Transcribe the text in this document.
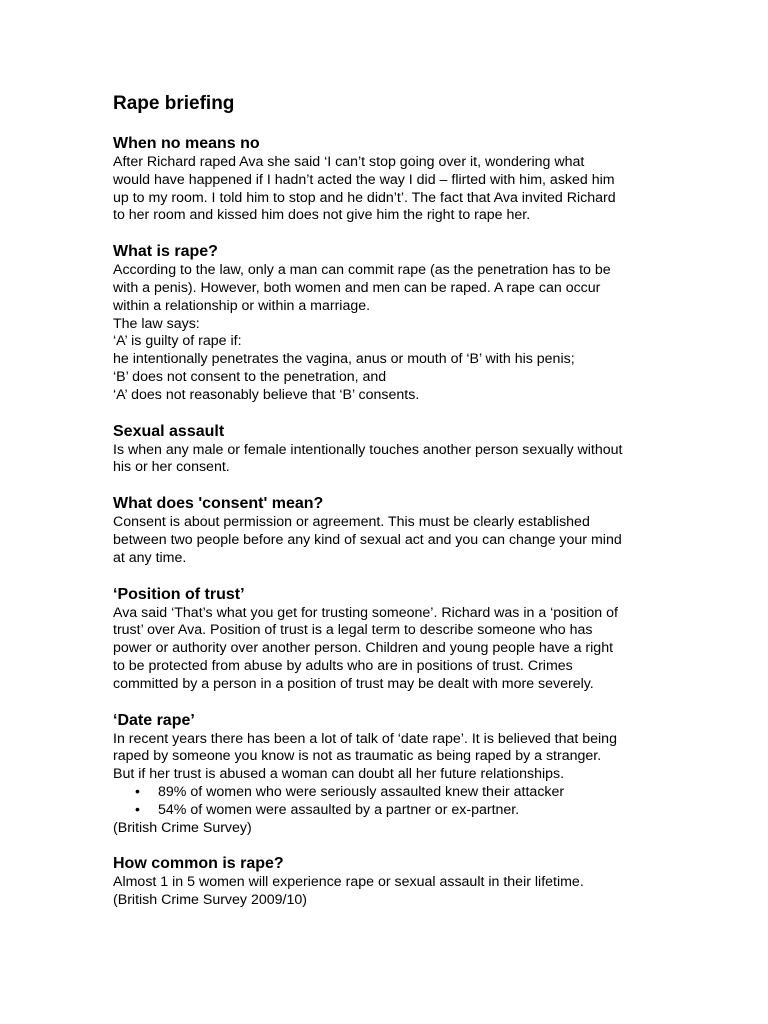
Rape briefing
When no means no
After Richard raped Ava she said ‘I can’t stop going over it, wondering what
would have happened if I hadn’t acted the way I did – flirted with him, asked him
up to my room. I told him to stop and he didn’t’. The fact that Ava invited Richard
to her room and kissed him does not give him the right to rape her.
What is rape?
According to the law, only a man can commit rape (as the penetration has to be
with a penis). However, both women and men can be raped. A rape can occur
within a relationship or within a marriage.
The law says:
‘A’ is guilty of rape if:
he intentionally penetrates the vagina, anus or mouth of ‘B’ with his penis;
‘B’ does not consent to the penetration, and
‘A’ does not reasonably believe that ‘B’ consents.
Sexual assault
Is when any male or female intentionally touches another person sexually without
his or her consent.
What does 'consent' mean?
Consent is about permission or agreement. This must be clearly established
between two people before any kind of sexual act and you can change your mind
at any time.
‘Position of trust’
Ava said ‘That’s what you get for trusting someone’. Richard was in a ‘position of
trust’ over Ava. Position of trust is a legal term to describe someone who has
power or authority over another person. Children and young people have a right
to be protected from abuse by adults who are in positions of trust. Crimes
committed by a person in a position of trust may be dealt with more severely.
‘Date rape’
In recent years there has been a lot of talk of ‘date rape’. It is believed that being
raped by someone you know is not as traumatic as being raped by a stranger.
But if her trust is abused a woman can doubt all her future relationships.
• 89% of women who were seriously assaulted knew their attacker
• 54% of women were assaulted by a partner or ex-partner.
(British Crime Survey)
How common is rape?
Almost 1 in 5 women will experience rape or sexual assault in their lifetime.
(British Crime Survey 2009/10)
